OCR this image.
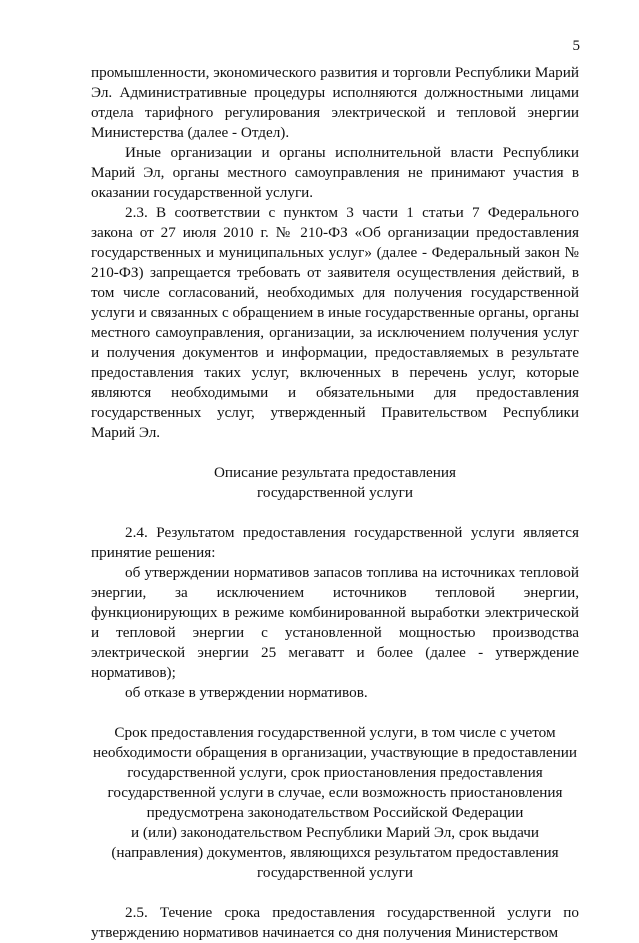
5

промышленности, экономического развития и торговли Республики Марий Эл. Административные процедуры исполняются должностными лицами отдела тарифного регулирования электрической и тепловой энергии Министерства (далее - Отдел).

Иные организации и органы исполнительной власти Республики Марий Эл, органы местного самоуправления не принимают участия в оказании государственной услуги.

2.3. В соответствии с пунктом 3 части 1 статьи 7 Федерального закона от 27 июля 2010 г. № 210-ФЗ «Об организации предоставления государственных и муниципальных услуг» (далее - Федеральный закон № 210-ФЗ) запрещается требовать от заявителя осуществления действий, в том числе согласований, необходимых для получения государственной услуги и связанных с обращением в иные государственные органы, органы местного самоуправления, организации, за исключением получения услуг и получения документов и информации, предоставляемых в результате предоставления таких услуг, включенных в перечень услуг, которые являются необходимыми и обязательными для предоставления государственных услуг, утвержденный Правительством Республики Марий Эл.

Описание результата предоставления

государственной услуги

2.4. Результатом предоставления государственной услуги является принятие решения:

об утверждении нормативов запасов топлива на источниках тепловой энергии, за исключением источников тепловой энергии, функционирующих в режиме комбинированной выработки электрической и тепловой энергии с установленной мощностью производства электрической энергии 25 мегаватт и более (далее - утверждение нормативов);

об отказе в утверждении нормативов.

Срок предоставления государственной услуги, в том числе с учетом

необходимости обращения в организации, участвующие в предоставлении

государственной услуги, срок приостановления предоставления

государственной услуги в случае, если возможность приостановления

предусмотрена законодательством Российской Федерации

и (или) законодательством Республики Марий Эл, срок выдачи

(направления) документов, являющихся результатом предоставления

государственной услуги

2.5. Течение срока предоставления государственной услуги по утверждению нормативов начинается со дня получения Министерством
